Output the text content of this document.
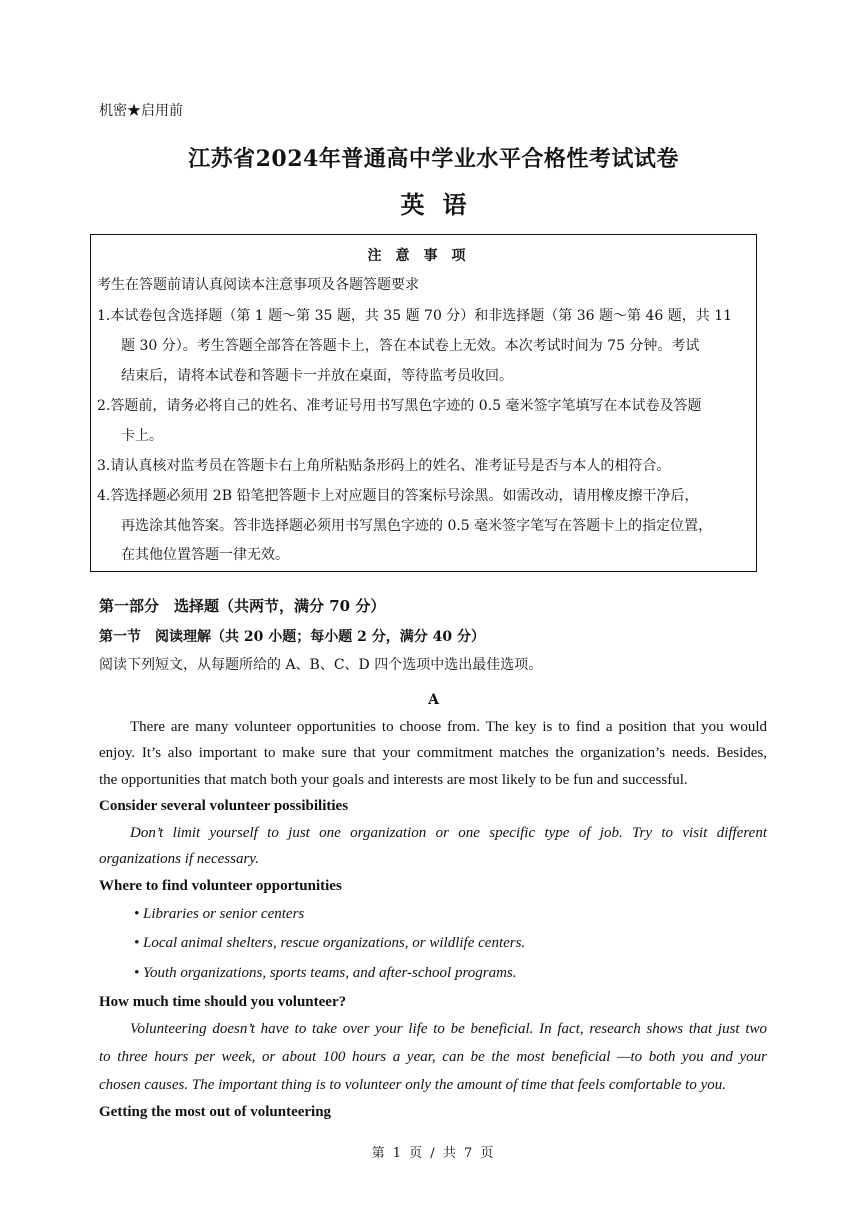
机密★启用前
江苏省2024年普通高中学业水平合格性考试试卷
英语
注意事项
考生在答题前请认真阅读本注意事项及各题答题要求
1.本试卷包含选择题（第 1 题～第 35 题，共 35 题 70 分）和非选择题（第 36 题～第 46 题，共 11
题 30 分）。考生答题全部答在答题卡上，答在本试卷上无效。本次考试时间为 75 分钟。考试
结束后，请将本试卷和答题卡一并放在桌面，等待监考员收回。
2.答题前，请务必将自己的姓名、准考证号用书写黑色字迹的 0.5 毫米签字笔填写在本试卷及答题
卡上。
3.请认真核对监考员在答题卡右上角所粘贴条形码上的姓名、准考证号是否与本人的相符合。
4.答选择题必须用 2B 铅笔把答题卡上对应题目的答案标号涂黑。如需改动，请用橡皮擦干净后，
再选涂其他答案。答非选择题必须用书写黑色字迹的 0.5 毫米签字笔写在答题卡上的指定位置，
在其他位置答题一律无效。
第一部分　选择题（共两节，满分 70 分）
第一节　阅读理解（共 20 小题；每小题 2 分，满分 40 分）
阅读下列短文，从每题所给的 A、B、C、D 四个选项中选出最佳选项。
A
There are many volunteer opportunities to choose from. The key is to find a position that you would
enjoy. It’s also important to make sure that your commitment matches the organization’s needs. Besides,
the opportunities that match both your goals and interests are most likely to be fun and successful.
Consider several volunteer possibilities
Don’t limit yourself to just one organization or one specific type of job. Try to visit different
organizations if necessary.
Where to find volunteer opportunities
• Libraries or senior centers
• Local animal shelters, rescue organizations, or wildlife centers.
• Youth organizations, sports teams, and after-school programs.
How much time should you volunteer?
Volunteering doesn’t have to take over your life to be beneficial. In fact, research shows that just two
to three hours per week, or about 100 hours a year, can be the most beneficial —to both you and your
chosen causes. The important thing is to volunteer only the amount of time that feels comfortable to you.
Getting the most out of volunteering
第 1 页 / 共 7 页
